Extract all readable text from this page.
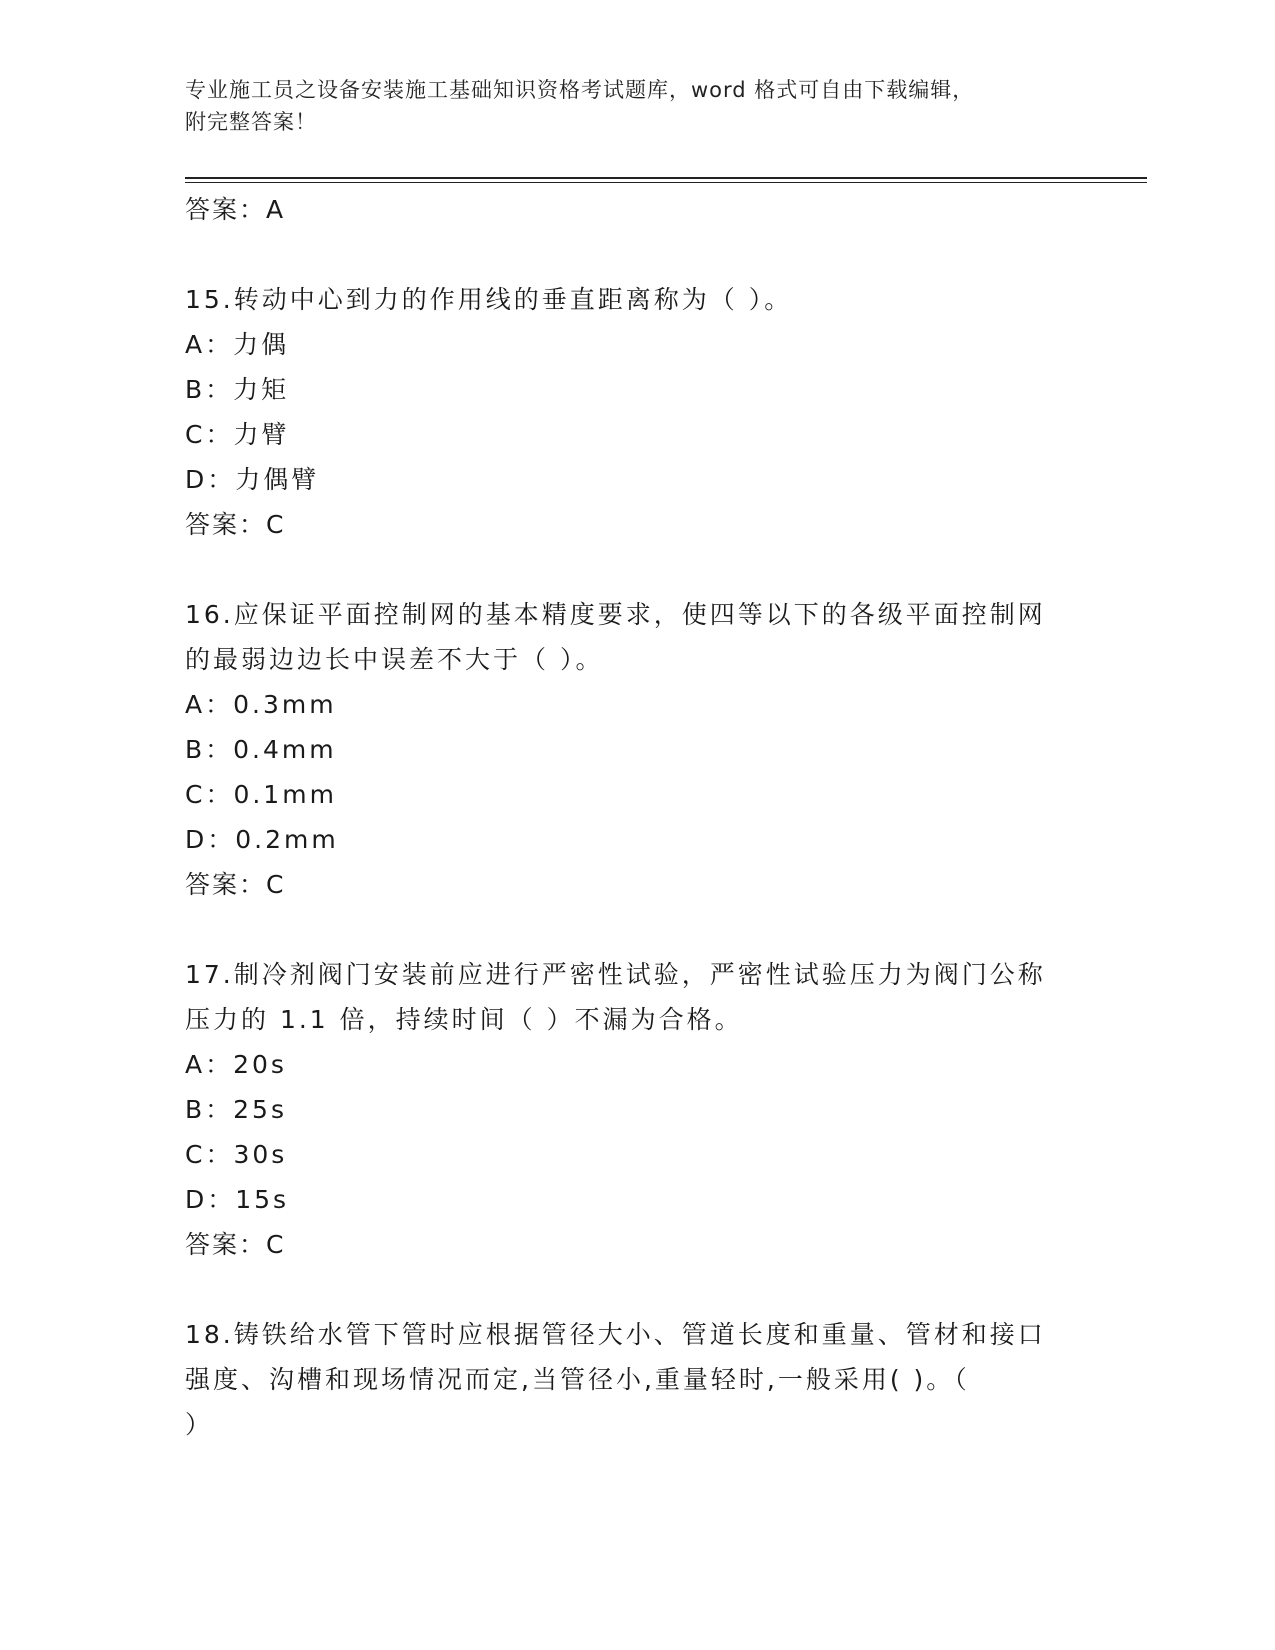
专业施工员之设备安装施工基础知识资格考试题库，word 格式可自由下载编辑，
附完整答案！
答案：A
15.转动中心到力的作用线的垂直距离称为（ ）。
A：力偶
B：力矩
C：力臂
D：力偶臂
答案：C
16.应保证平面控制网的基本精度要求，使四等以下的各级平面控制网
的最弱边边长中误差不大于（ ）。
A：0.3mm
B：0.4mm
C：0.1mm
D：0.2mm
答案：C
17.制冷剂阀门安装前应进行严密性试验，严密性试验压力为阀门公称
压力的 1.1 倍，持续时间（ ）不漏为合格。
A：20s
B：25s
C：30s
D：15s
答案：C
18.铸铁给水管下管时应根据管径大小、管道长度和重量、管材和接口
强度、沟槽和现场情况而定,当管径小,重量轻时,一般采用( )。（
）
